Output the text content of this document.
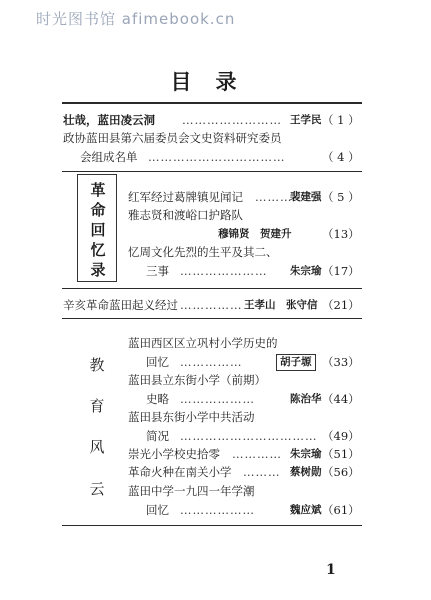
时光图书馆 afimebook.cn
目录
壮哉，蓝田凌云洞 …………………… 王学民 （ 1 ）
政协蓝田县第六届委员会文史资料研究委员
会组成名单 ……………………………	（ 4 ）
革
命
回
忆
录
红军经过葛牌镇见闻记 ………
裴建强 （ 5 ）
雅志贤和渡峪口护路队
穆锦贤　贺建升	（13）
忆周文化先烈的生平及其二、
三事 ………………… 朱宗瑜 （17）
辛亥革命蓝田起义经过 …………… 王孝山　张守信 （21）
教
育
风
云
蓝田西区区立巩村小学历史的
回忆 ……………	胡子塬 （33）
蓝田县立东街小学（前期）
史略 ………………	陈治华 （44）
蓝田县东街小学中共活动
简况 …………………………… （49）
崇光小学校史拾零 ………… 朱宗瑜 （51）
革命火种在南关小学 ……… 蔡树勋 （56）
蓝田中学一九四一年学潮
回忆 ………………	魏应斌 （61）
1
